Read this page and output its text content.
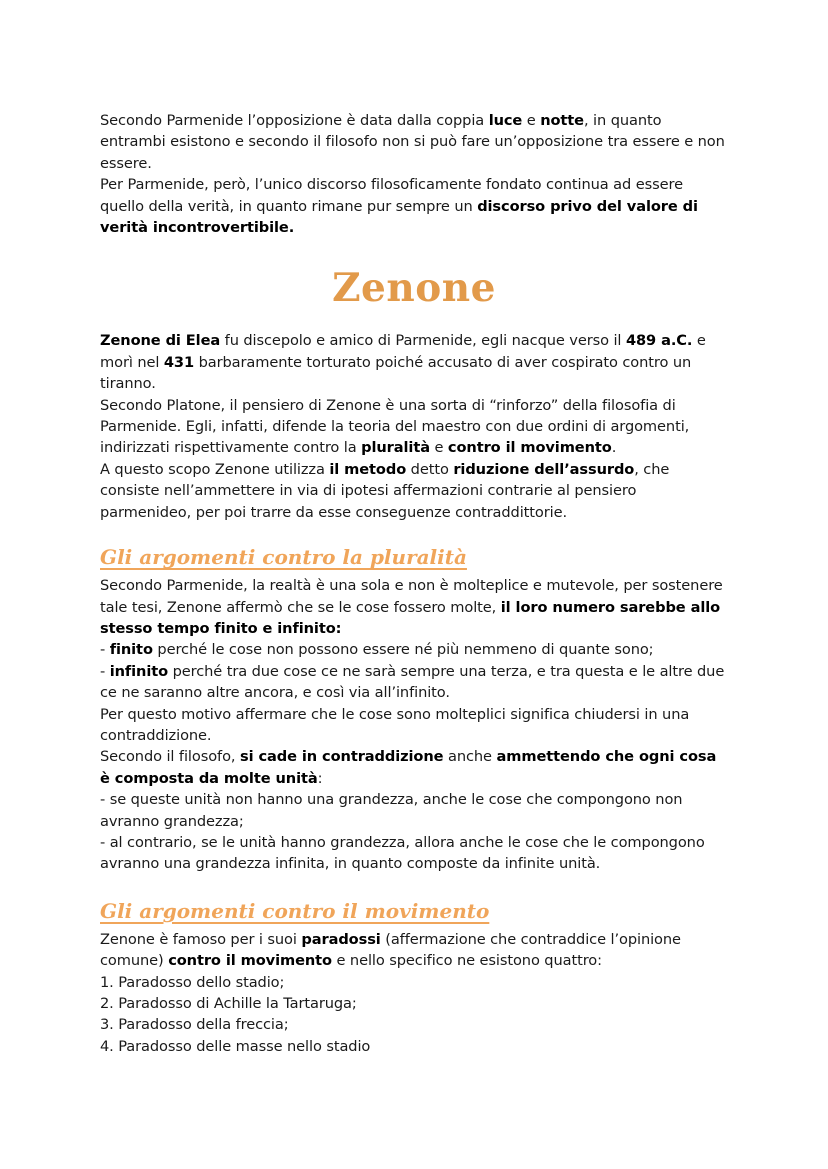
Secondo Parmenide l’opposizione è data dalla coppia luce e notte, in quanto entrambi esistono e secondo il filosofo non si può fare un’opposizione tra essere e non essere.

Per Parmenide, però, l’unico discorso filosoficamente fondato continua ad essere quello della verità, in quanto rimane pur sempre un discorso privo del valore di verità incontrovertibile.

Zenone

Zenone di Elea fu discepolo e amico di Parmenide, egli nacque verso il 489 a.C. e morì nel 431 barbaramente torturato poiché accusato di aver cospirato contro un tiranno.

Secondo Platone, il pensiero di Zenone è una sorta di “rinforzo” della filosofia di Parmenide. Egli, infatti, difende la teoria del maestro con due ordini di argomenti, indirizzati rispettivamente contro la pluralità e contro il movimento.

A questo scopo Zenone utilizza il metodo detto riduzione dell’assurdo, che consiste nell’ammettere in via di ipotesi affermazioni contrarie al pensiero parmenideo, per poi trarre da esse conseguenze contraddittorie.

Gli argomenti contro la pluralità

Secondo Parmenide, la realtà è una sola e non è molteplice e mutevole, per sostenere tale tesi, Zenone affermò che se le cose fossero molte, il loro numero sarebbe allo stesso tempo finito e infinito:

- finito perché le cose non possono essere né più nemmeno di quante sono;

- infinito perché tra due cose ce ne sarà sempre una terza, e tra questa e le altre due ce ne saranno altre ancora, e così via all’infinito.

Per questo motivo affermare che le cose sono molteplici significa chiudersi in una contraddizione.

Secondo il filosofo, si cade in contraddizione anche ammettendo che ogni cosa è composta da molte unità:

- se queste unità non hanno una grandezza, anche le cose che compongono non avranno grandezza;

- al contrario, se le unità hanno grandezza, allora anche le cose che le compongono avranno una grandezza infinita, in quanto composte da infinite unità.

Gli argomenti contro il movimento

Zenone è famoso per i suoi paradossi (affermazione che contraddice l’opinione comune) contro il movimento e nello specifico ne esistono quattro:

1. Paradosso dello stadio;

2. Paradosso di Achille la Tartaruga;

3. Paradosso della freccia;

4. Paradosso delle masse nello stadio
